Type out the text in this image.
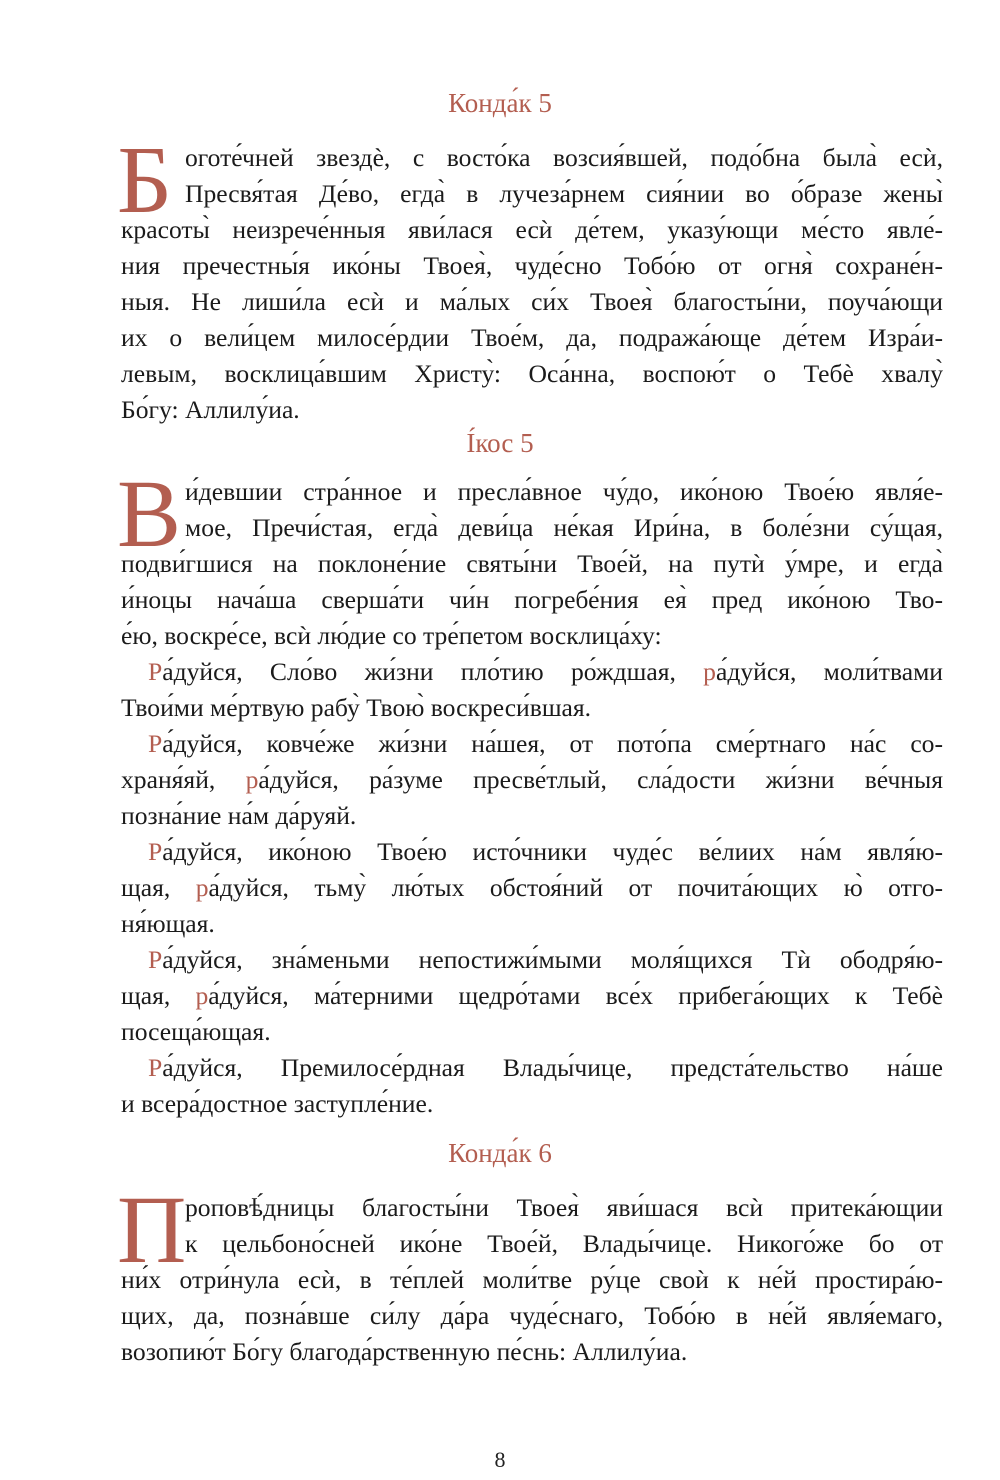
Конда́к 5
Б оготе́чней звездѐ, с восто́ка возсия́вшей, подо́бна была̀ есѝ,

Пресвя́тая Де́во, егда̀ в лучеза́рнем сия́нии во о́бразе жены̀

красоты̀ неизрече́нныя яви́лася есѝ де́тем, указу́ющи ме́сто явле́-

ния пречестны́я ико́ны Твоея̀, чуде́сно Тобо́ю от огня̀ сохране́н-

ныя. Не лиши́ла есѝ и ма́лых си́х Твоея̀ благосты́ни, поуча́ющи

их о вели́цем милосе́рдии Твое́м, да, подража́юще де́тем Изра́и-

левым, восклица́вшим Христу̀: Оса́нна, воспою́т о Тебѐ хвалу̀

Бо́гу: Аллилу́иа.

І́кос 5
В и́девшии стра́нное и пресла́вное чу́до, ико́ною Твое́ю явля́е-

мое, Пречи́стая, егда̀ деви́ца не́кая Ири́на, в боле́зни су́щая,

подви́гшися на поклоне́ние святы́ни Твое́й, на путѝ у́мре, и егда̀

и́ноцы нача́ша сверша́ти чи́н погребе́ния ея̀ пред ико́ною Тво-

е́ю, воскре́се, всѝ лю́дие со тре́петом восклица́ху:

Ра́дуйся, Сло́во жи́зни пло́тию ро́ждшая, ра́дуйся, моли́твами

Твои́ми ме́ртвую рабу̀ Твою̀ воскреси́вшая.

Ра́дуйся, ковче́же жи́зни на́шея, от пото́па сме́ртнаго на́с со-

храня́яй, ра́дуйся, ра́зуме пресве́тлый, сла́дости жи́зни ве́чныя

позна́ние на́м да́руяй.

Ра́дуйся, ико́ною Твое́ю исто́чники чуде́с ве́лиих на́м явля́ю-

щая, ра́дуйся, тьму̀ лю́тых обстоя́ний от почита́ющих ю̀ отго-

ня́ющая.

Ра́дуйся, зна́меньми непостижи́мыми моля́щихся Тѝ ободря́ю-

щая, ра́дуйся, ма́терними щедро́тами все́х прибега́ющих к Тебѐ

посеща́ющая.

Ра́дуйся, Премилосе́рдная Влады́чице, предста́тельство на́ше

и всера́достное заступле́ние.

Конда́к 6
П

роповѣ́дницы благосты́ни Твоея̀ яви́шася всѝ притека́ющии

к цельбоно́сней ико́не Твое́й, Влады́чице. Никого́же бо от

ни́х отри́нула есѝ, в те́плей моли́тве ру́це своѝ к не́й простира́ю-

щих, да, позна́вше си́лу да́ра чуде́снаго, Тобо́ю в не́й явля́емаго,

возопию́т Бо́гу благода́рственную пе́снь: Аллилу́иа.

8
